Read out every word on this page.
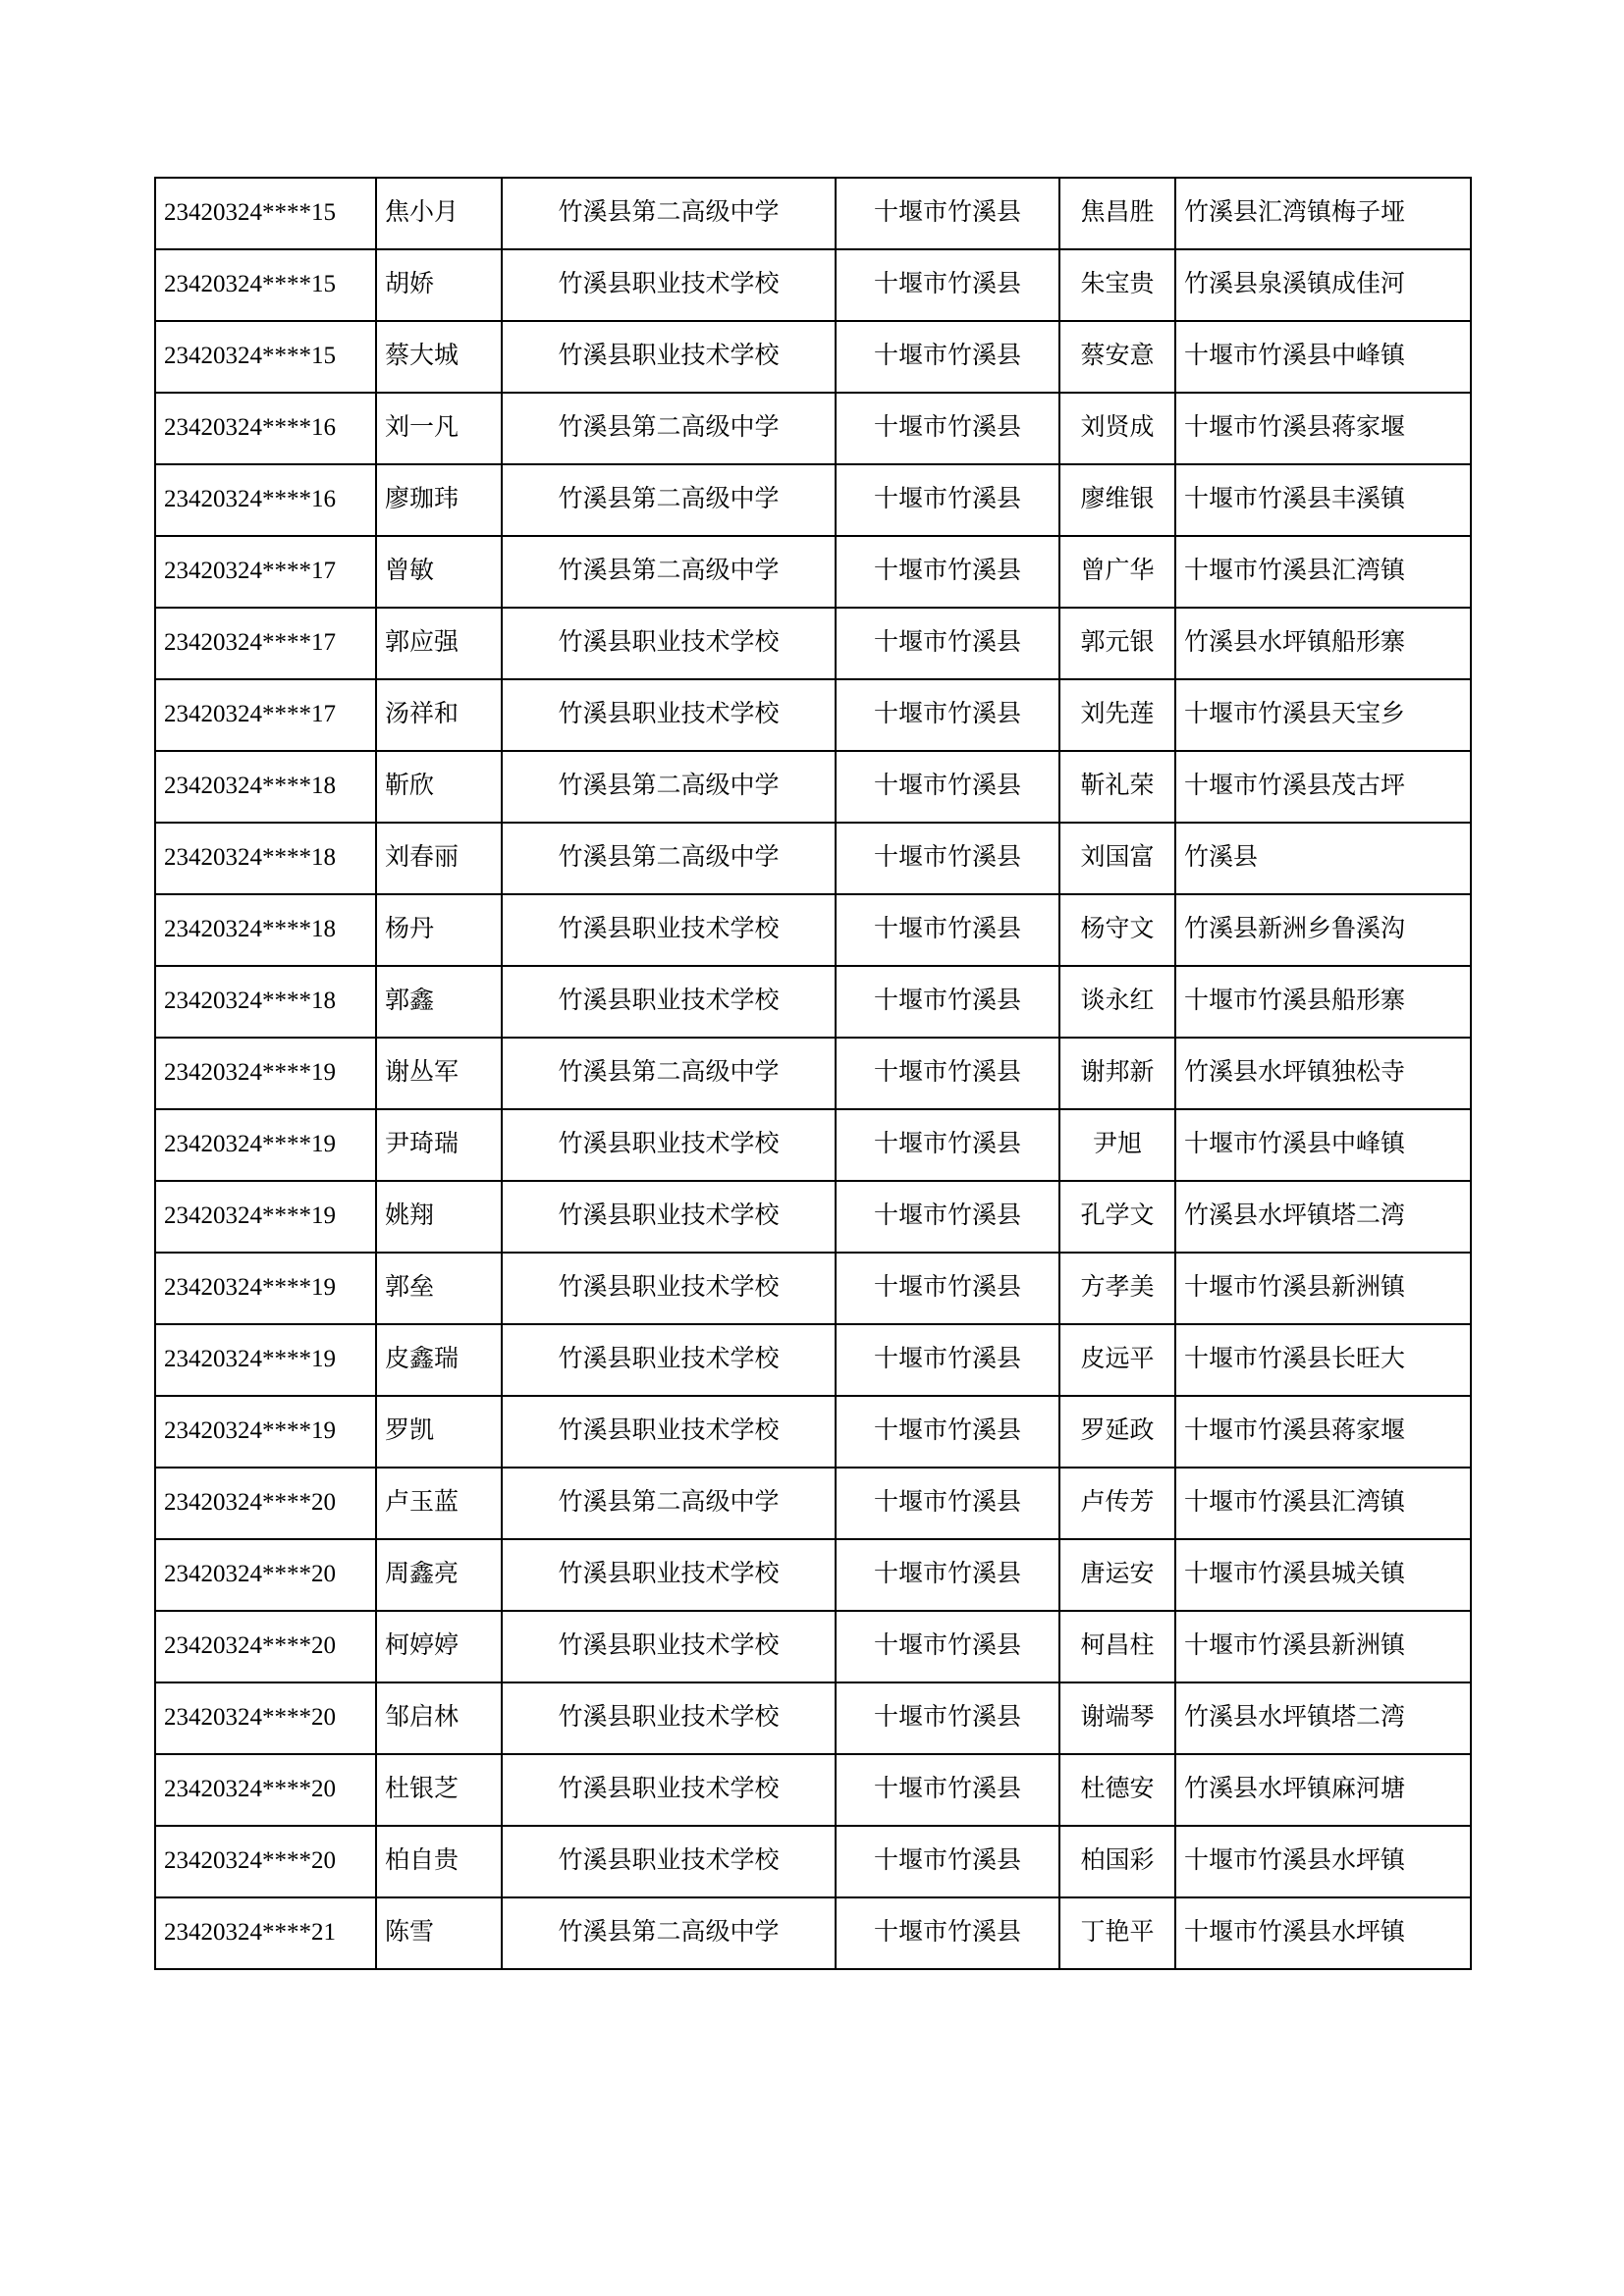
23420324****15	焦小月	竹溪县第二高级中学	十堰市竹溪县	焦昌胜	竹溪县汇湾镇梅子垭
23420324****15	胡娇	竹溪县职业技术学校	十堰市竹溪县	朱宝贵	竹溪县泉溪镇成佳河
23420324****15	蔡大城	竹溪县职业技术学校	十堰市竹溪县	蔡安意	十堰市竹溪县中峰镇
23420324****16	刘一凡	竹溪县第二高级中学	十堰市竹溪县	刘贤成	十堰市竹溪县蒋家堰
23420324****16	廖珈玮	竹溪县第二高级中学	十堰市竹溪县	廖维银	十堰市竹溪县丰溪镇
23420324****17	曾敏	竹溪县第二高级中学	十堰市竹溪县	曾广华	十堰市竹溪县汇湾镇
23420324****17	郭应强	竹溪县职业技术学校	十堰市竹溪县	郭元银	竹溪县水坪镇船形寨
23420324****17	汤祥和	竹溪县职业技术学校	十堰市竹溪县	刘先莲	十堰市竹溪县天宝乡
23420324****18	靳欣	竹溪县第二高级中学	十堰市竹溪县	靳礼荣	十堰市竹溪县茂古坪
23420324****18	刘春丽	竹溪县第二高级中学	十堰市竹溪县	刘国富	竹溪县
23420324****18	杨丹	竹溪县职业技术学校	十堰市竹溪县	杨守文	竹溪县新洲乡鲁溪沟
23420324****18	郭鑫	竹溪县职业技术学校	十堰市竹溪县	谈永红	十堰市竹溪县船形寨
23420324****19	谢丛军	竹溪县第二高级中学	十堰市竹溪县	谢邦新	竹溪县水坪镇独松寺
23420324****19	尹琦瑞	竹溪县职业技术学校	十堰市竹溪县	尹旭	十堰市竹溪县中峰镇
23420324****19	姚翔	竹溪县职业技术学校	十堰市竹溪县	孔学文	竹溪县水坪镇塔二湾
23420324****19	郭垒	竹溪县职业技术学校	十堰市竹溪县	方孝美	十堰市竹溪县新洲镇
23420324****19	皮鑫瑞	竹溪县职业技术学校	十堰市竹溪县	皮远平	十堰市竹溪县长旺大
23420324****19	罗凯	竹溪县职业技术学校	十堰市竹溪县	罗延政	十堰市竹溪县蒋家堰
23420324****20	卢玉蓝	竹溪县第二高级中学	十堰市竹溪县	卢传芳	十堰市竹溪县汇湾镇
23420324****20	周鑫亮	竹溪县职业技术学校	十堰市竹溪县	唐运安	十堰市竹溪县城关镇
23420324****20	柯婷婷	竹溪县职业技术学校	十堰市竹溪县	柯昌柱	十堰市竹溪县新洲镇
23420324****20	邹启林	竹溪县职业技术学校	十堰市竹溪县	谢端琴	竹溪县水坪镇塔二湾
23420324****20	杜银芝	竹溪县职业技术学校	十堰市竹溪县	杜德安	竹溪县水坪镇麻河塘
23420324****20	柏自贵	竹溪县职业技术学校	十堰市竹溪县	柏国彩	十堰市竹溪县水坪镇
23420324****21	陈雪	竹溪县第二高级中学	十堰市竹溪县	丁艳平	十堰市竹溪县水坪镇
